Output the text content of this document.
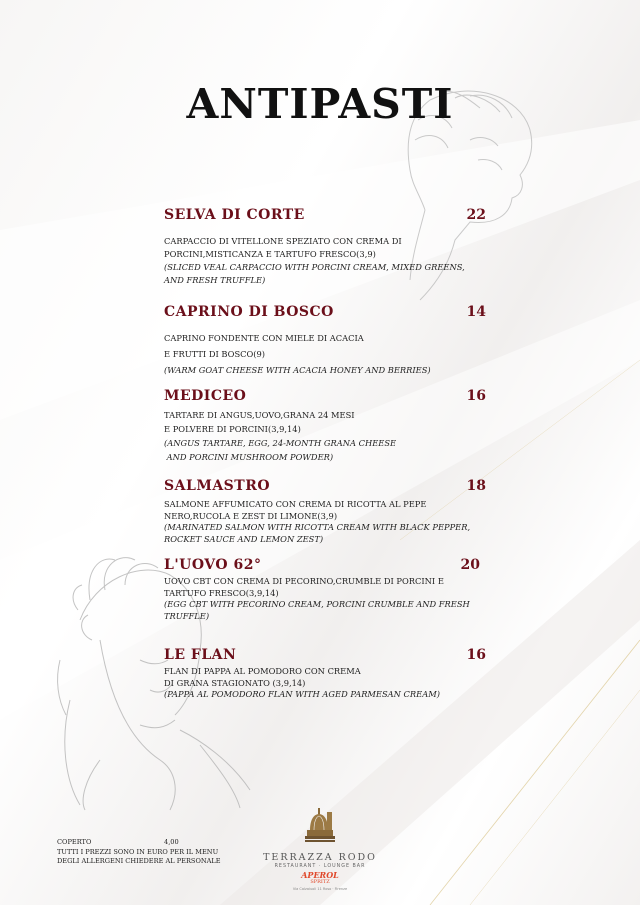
ANTIPASTI
SELVA DI CORTE	22
CARPACCIO DI VITELLONE SPEZIATO CON CREMA DI
PORCINI,MISTICANZA E TARTUFO FRESCO(3,9)
(SLICED VEAL CARPACCIO WITH PORCINI CREAM, MIXED GREENS,
AND FRESH TRUFFLE)
CAPRINO DI BOSCO	14
CAPRINO FONDENTE CON MIELE DI ACACIA
E FRUTTI DI BOSCO(9)
(WARM GOAT CHEESE WITH ACACIA HONEY AND BERRIES)
MEDICEO	16
TARTARE DI ANGUS,UOVO,GRANA 24 MESI
E POLVERE DI PORCINI(3,9,14)
(ANGUS TARTARE, EGG, 24-MONTH GRANA CHEESE
AND PORCINI MUSHROOM POWDER)
SALMASTRO	18
SALMONE AFFUMICATO CON CREMA DI RICOTTA AL PEPE
NERO,RUCOLA E ZEST DI LIMONE(3,9)
(MARINATED SALMON WITH RICOTTA CREAM WITH BLACK PEPPER,
ROCKET SAUCE AND LEMON ZEST)
L'UOVO 62°	20
UOVO CBT CON CREMA DI PECORINO,CRUMBLE DI PORCINI E
TARTUFO FRESCO(3,9,14)
(EGG CBT WITH PECORINO CREAM, PORCINI CRUMBLE AND FRESH
TRUFFLE)
LE FLAN	16
FLAN DI PAPPA AL POMODORO CON CREMA
DI GRANA STAGIONATO (3,9,14)
(PAPPA AL POMODORO FLAN WITH AGED PARMESAN CREAM)
COPERTO	4,00
TUTTI I PREZZI SONO IN EURO PER IL MENU
DEGLI ALLERGENI CHIEDERE AL PERSONALE	TERRAZZA RODO
RESTAURANT · LOUNGE BAR
APEROL
SPRITZ
Via Calzaiuoli 11 Roso · Firenze
